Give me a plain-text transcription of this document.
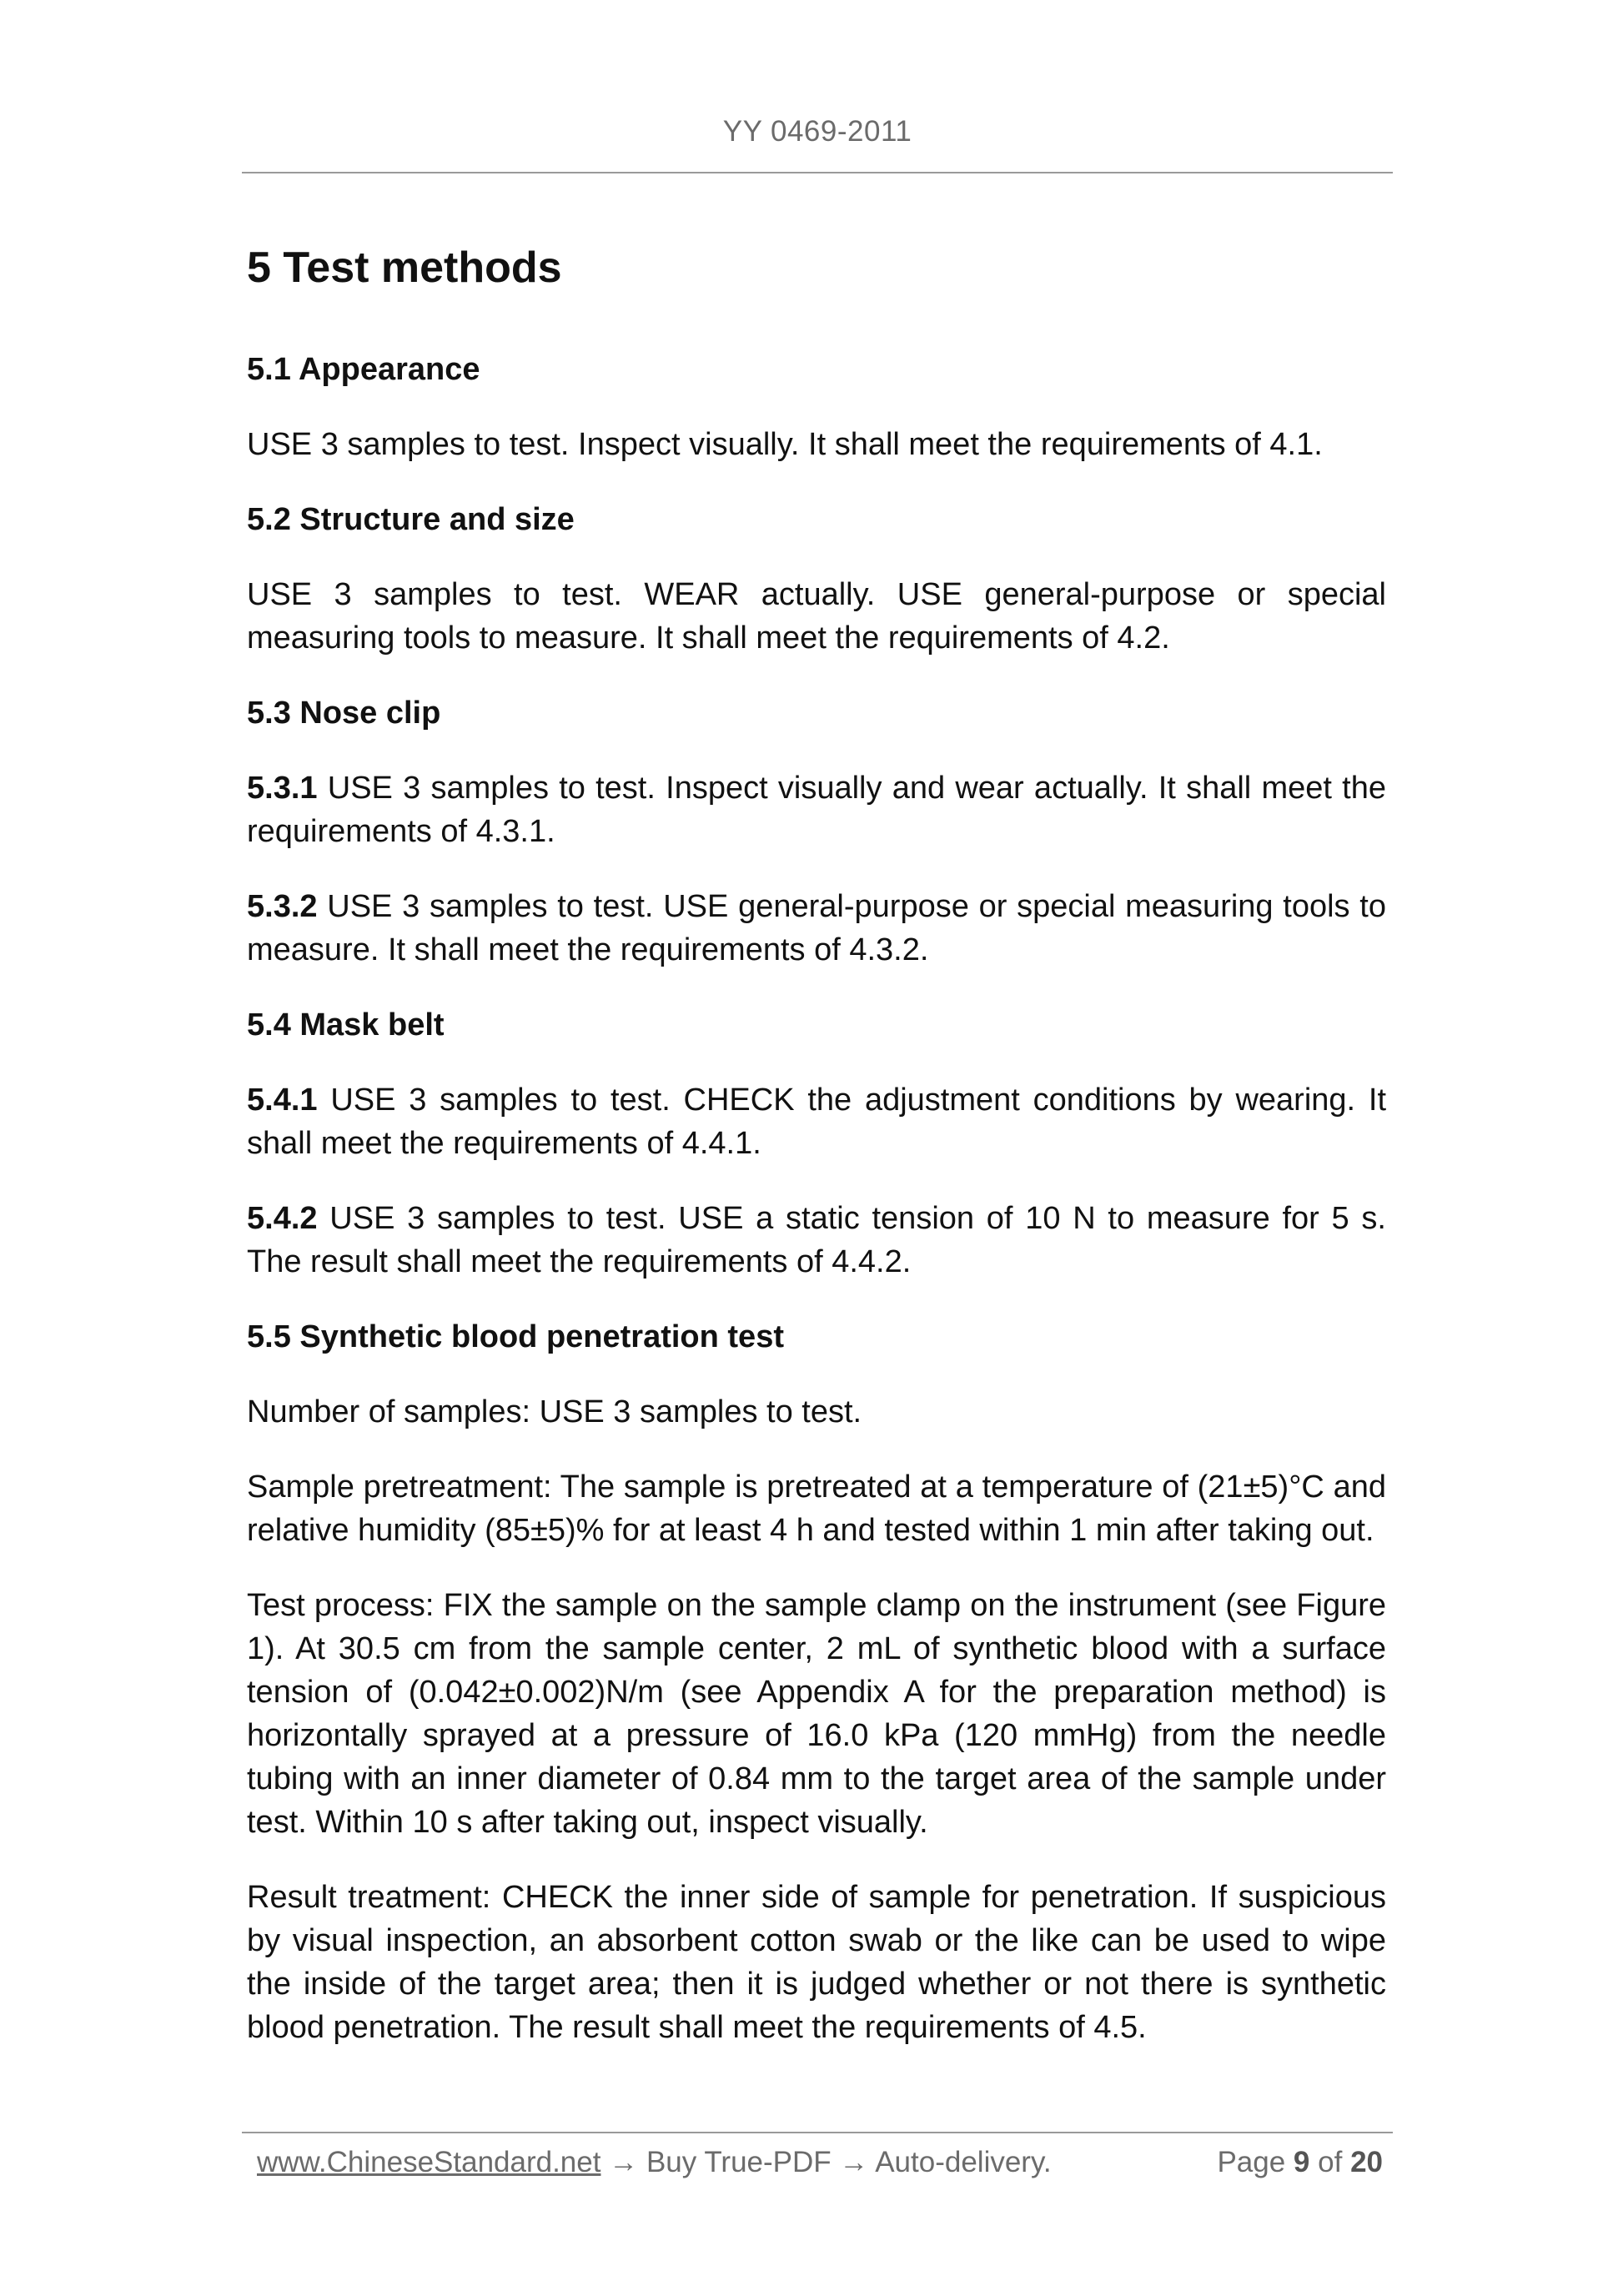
YY 0469-2011
5 Test methods
5.1 Appearance

USE 3 samples to test. Inspect visually. It shall meet the requirements of 4.1.

5.2 Structure and size

USE 3 samples to test. WEAR actually. USE general-purpose or special measuring tools to measure. It shall meet the requirements of 4.2.

5.3 Nose clip

5.3.1 USE 3 samples to test. Inspect visually and wear actually. It shall meet the requirements of 4.3.1.

5.3.2 USE 3 samples to test. USE general-purpose or special measuring tools to measure. It shall meet the requirements of 4.3.2.

5.4 Mask belt

5.4.1 USE 3 samples to test. CHECK the adjustment conditions by wearing. It shall meet the requirements of 4.4.1.

5.4.2 USE 3 samples to test. USE a static tension of 10 N to measure for 5 s. The result shall meet the requirements of 4.4.2.

5.5 Synthetic blood penetration test

Number of samples: USE 3 samples to test.

Sample pretreatment: The sample is pretreated at a temperature of (21±5)°C and relative humidity (85±5)% for at least 4 h and tested within 1 min after taking out.

Test process: FIX the sample on the sample clamp on the instrument (see Figure 1). At 30.5 cm from the sample center, 2 mL of synthetic blood with a surface tension of (0.042±0.002)N/m (see Appendix A for the preparation method) is horizontally sprayed at a pressure of 16.0 kPa (120 mmHg) from the needle tubing with an inner diameter of 0.84 mm to the target area of the sample under test. Within 10 s after taking out, inspect visually.

Result treatment: CHECK the inner side of sample for penetration. If suspicious by visual inspection, an absorbent cotton swab or the like can be used to wipe the inside of the target area; then it is judged whether or not there is synthetic blood penetration. The result shall meet the requirements of 4.5.

www.ChineseStandard.net → Buy True-PDF → Auto-delivery.	Page 9 of 20
